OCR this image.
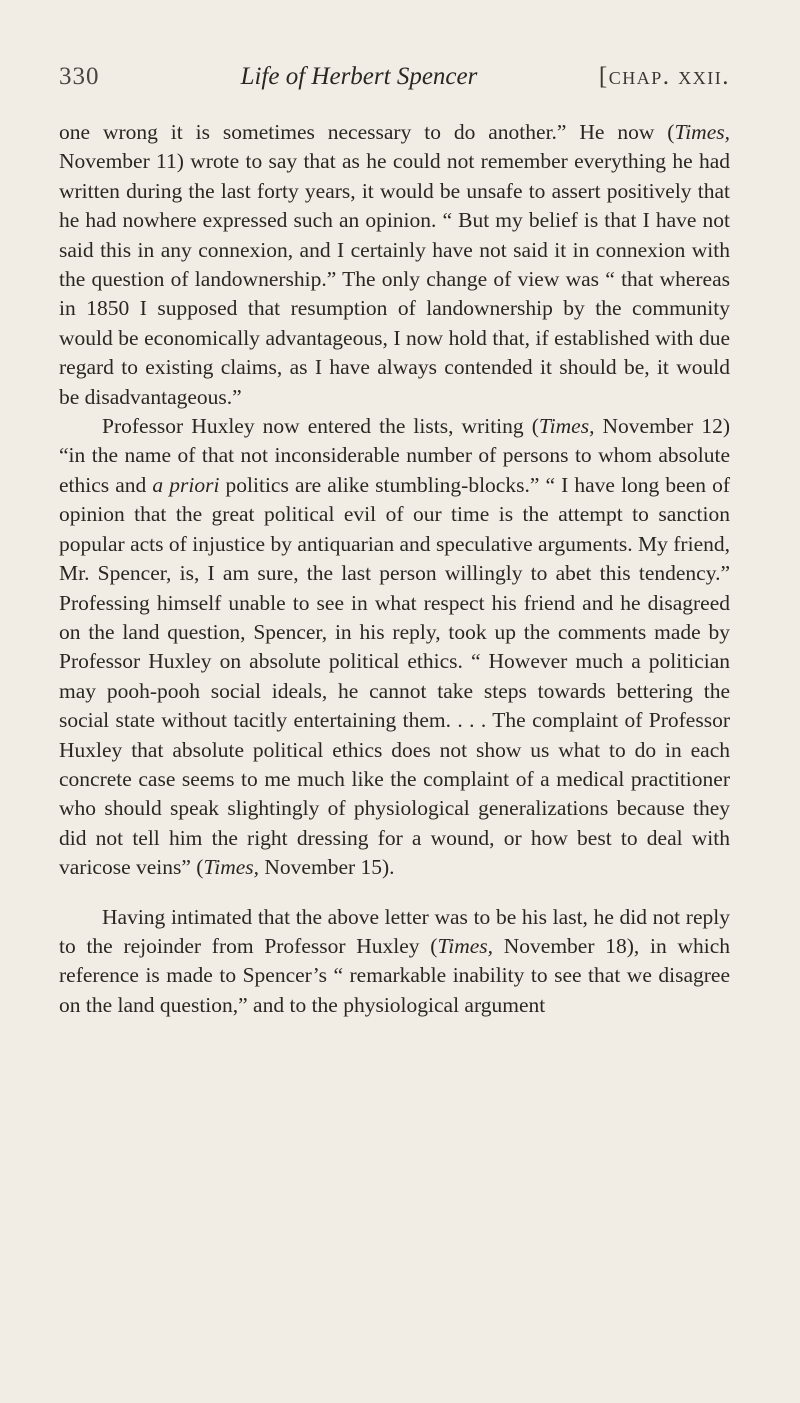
330	Life of Herbert Spencer	[chap. xxii.

one wrong it is sometimes necessary to do another.” He now (Times, November 11) wrote to say that as he could not remember everything he had written during the last forty years, it would be unsafe to assert positively that he had nowhere expressed such an opinion. “ But my belief is that I have not said this in any connexion, and I certainly have not said it in connexion with the question of landownership.” The only change of view was “ that whereas in 1850 I supposed that resumption of landownership by the community would be economically advantageous, I now hold that, if established with due regard to existing claims, as I have always contended it should be, it would be disadvantageous.”

Professor Huxley now entered the lists, writing (Times, November 12) “in the name of that not inconsiderable number of persons to whom absolute ethics and a priori politics are alike stumbling-blocks.” “ I have long been of opinion that the great political evil of our time is the attempt to sanction popular acts of injustice by antiquarian and speculative arguments. My friend, Mr. Spencer, is, I am sure, the last person willingly to abet this tendency.” Professing himself unable to see in what respect his friend and he disagreed on the land question, Spencer, in his reply, took up the comments made by Professor Huxley on absolute political ethics. “ However much a politician may pooh-pooh social ideals, he cannot take steps towards bettering the social state without tacitly entertaining them. . . . The complaint of Professor Huxley that absolute political ethics does not show us what to do in each concrete case seems to me much like the complaint of a medical practitioner who should speak slightingly of physiological generalizations because they did not tell him the right dressing for a wound, or how best to deal with varicose veins” (Times, November 15).

Having intimated that the above letter was to be his last, he did not reply to the rejoinder from Professor Huxley (Times, November 18), in which reference is made to Spencer’s “ remarkable inability to see that we disagree on the land question,” and to the physiological argument
